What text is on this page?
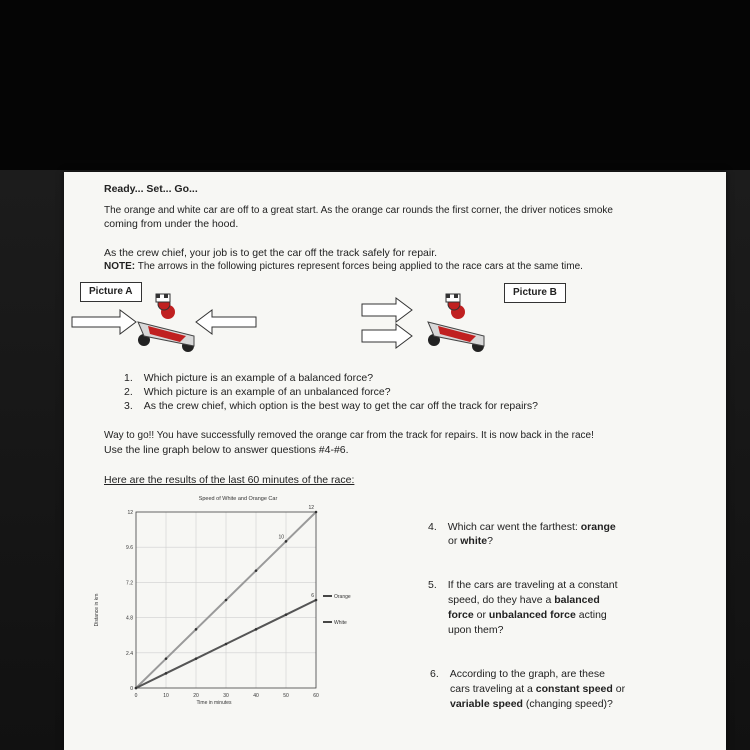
Ready... Set... Go...
The orange and white car are off to a great start. As the orange car rounds the first corner, the driver notices smoke
coming from under the hood.
As the crew chief, your job is to get the car off the track safely for repair.
NOTE: The arrows in the following pictures represent forces being applied to the race cars at the same time.
Picture A	Picture B
1. Which picture is an example of a balanced force?
2. Which picture is an example of an unbalanced force?
3. As the crew chief, which option is the best way to get the car off the track for repairs?
Way to go!! You have successfully removed the orange car from the track for repairs. It is now back in the race!
Use the line graph below to answer questions #4-#6.
Here are the results of the last 60 minutes of the race:
Speed of White and Orange Car
0	10	20	30	40	50	60
0
2.4
4.8
7.2
9.6
12
12
10
6	Orange
White
Time in minutes
Distance in km
4. Which car went the farthest: orange
or white?
5. If the cars are traveling at a constant
speed, do they have a balanced
force or unbalanced force acting
upon them?
6. According to the graph, are these
cars traveling at a constant speed or
variable speed (changing speed)?
